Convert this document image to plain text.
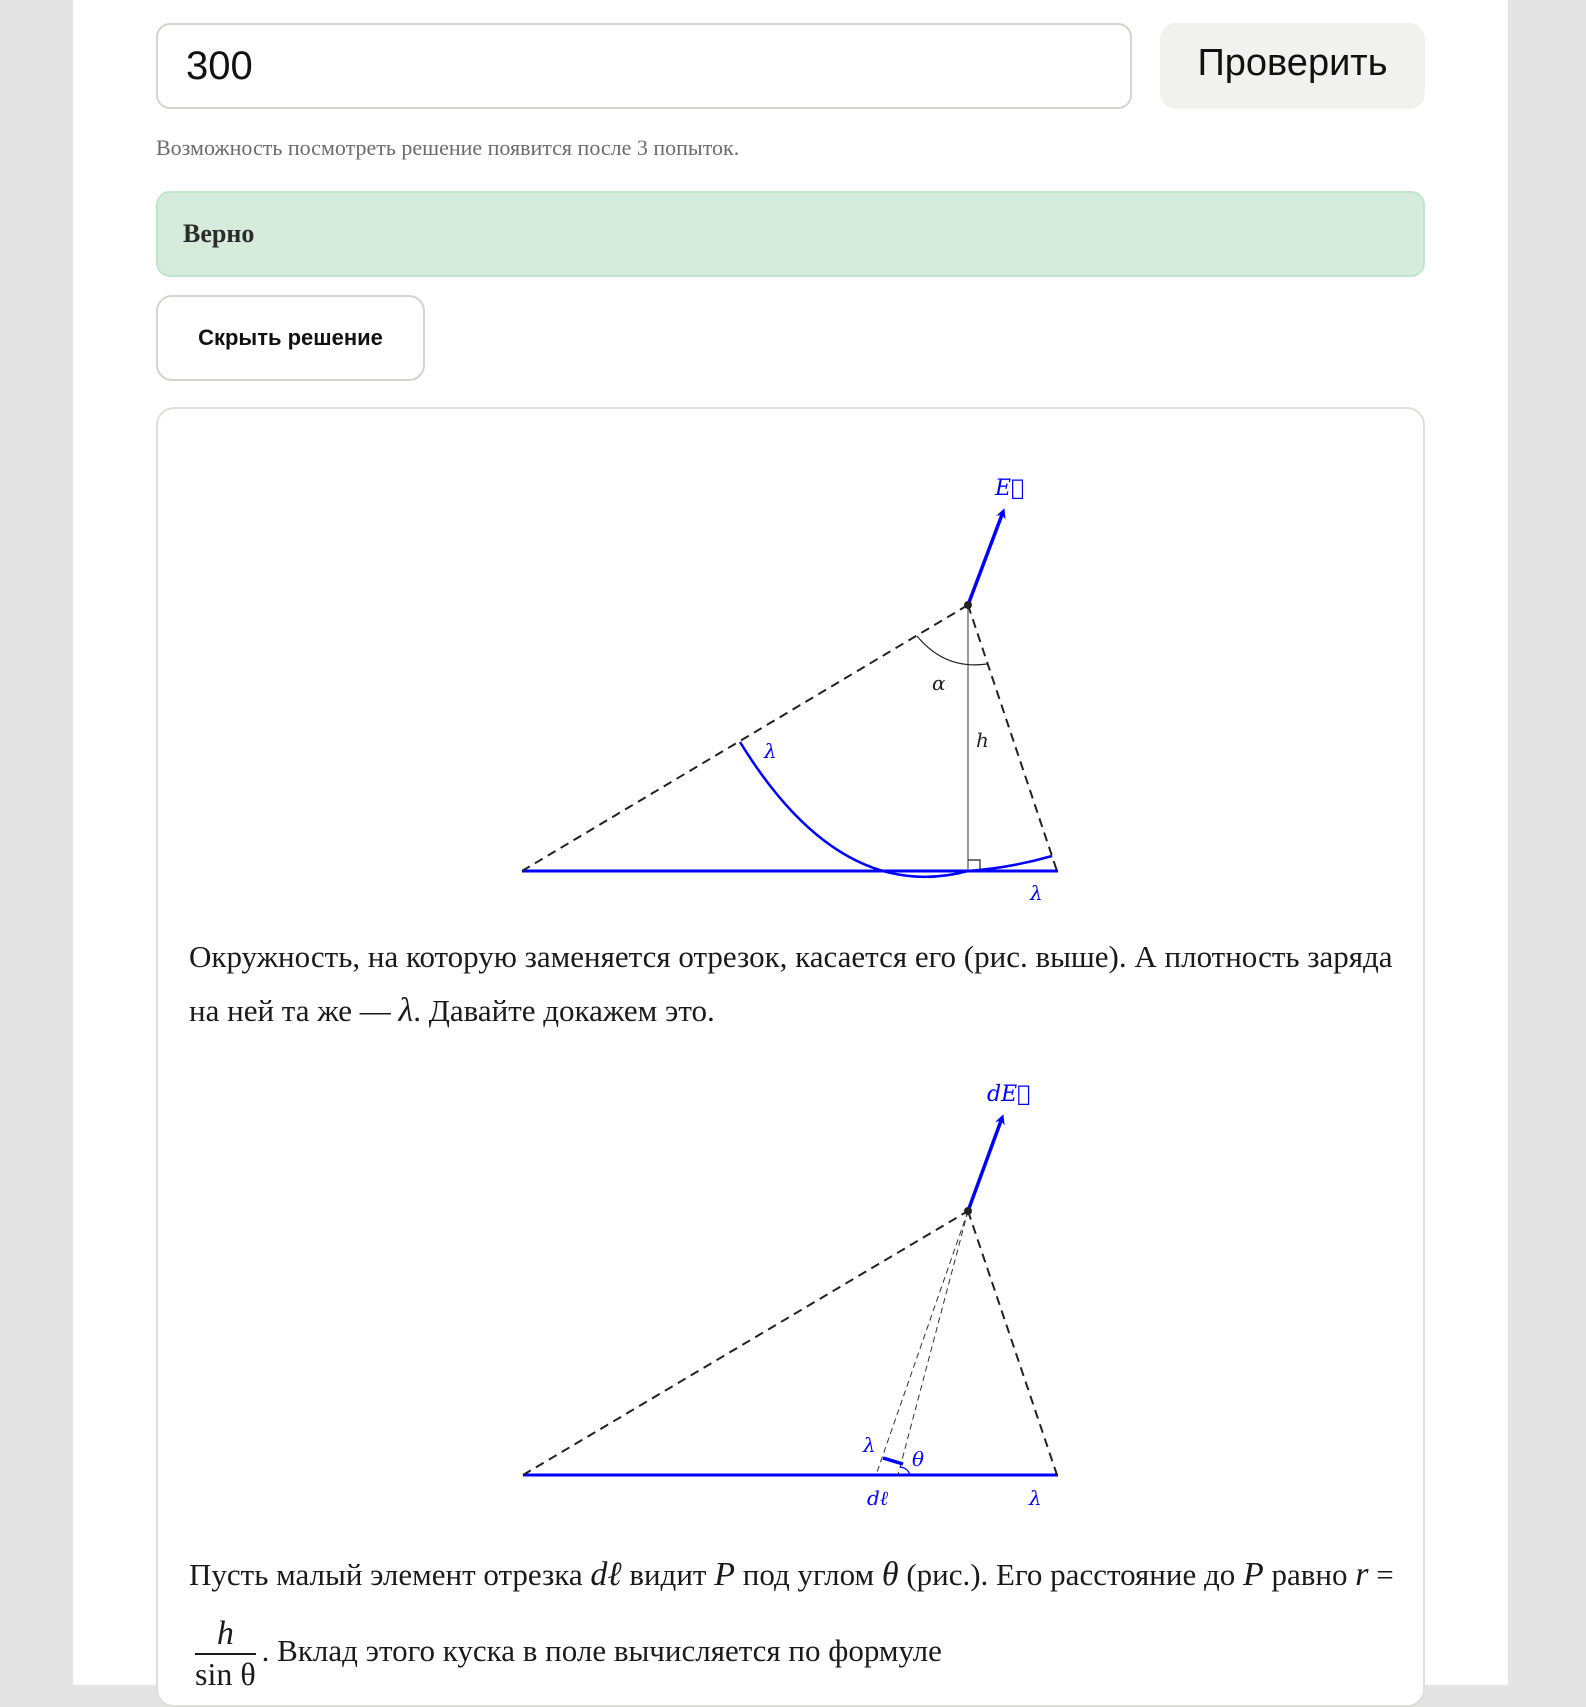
300	Проверить
Возможность посмотреть решение появится после 3 попыток.
Верно
Скрыть решение
E⃗
α
h
λ
λ
dE⃗
λ
θ
dℓ	λ
Окружность, на которую заменяется отрезок, касается его (рис. выше). А плотность заряда на ней та же — λ. Давайте докажем это.
Пусть малый элемент отрезка dℓ видит P под углом θ (рис.). Его расстояние до P равно r =
$\frac{h}{\text{sin θ}}$ . Вклад этого куска в поле вычисляется по формуле
